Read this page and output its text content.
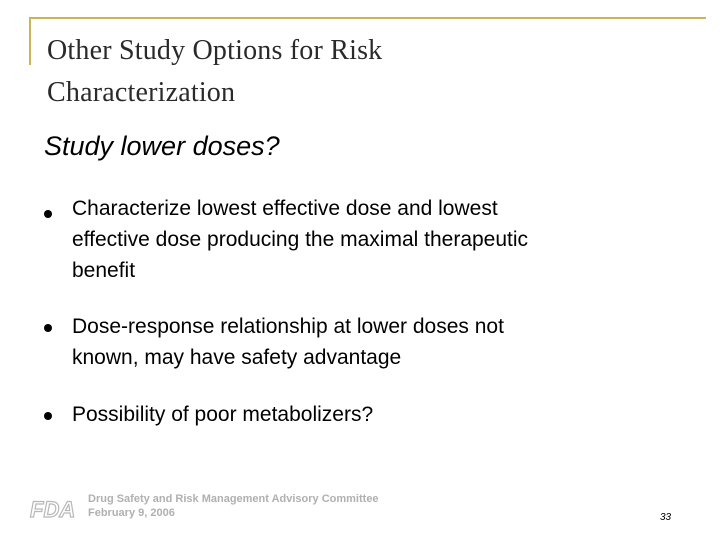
Other Study Options for Risk
Characterization
Study lower doses?
Characterize lowest effective dose and lowest
effective dose producing the maximal therapeutic
benefit
Dose-response relationship at lower doses not
known, may have safety advantage
Possibility of poor metabolizers?
FDA Drug Safety and Risk Management Advisory Committee
February 9, 2006	33
